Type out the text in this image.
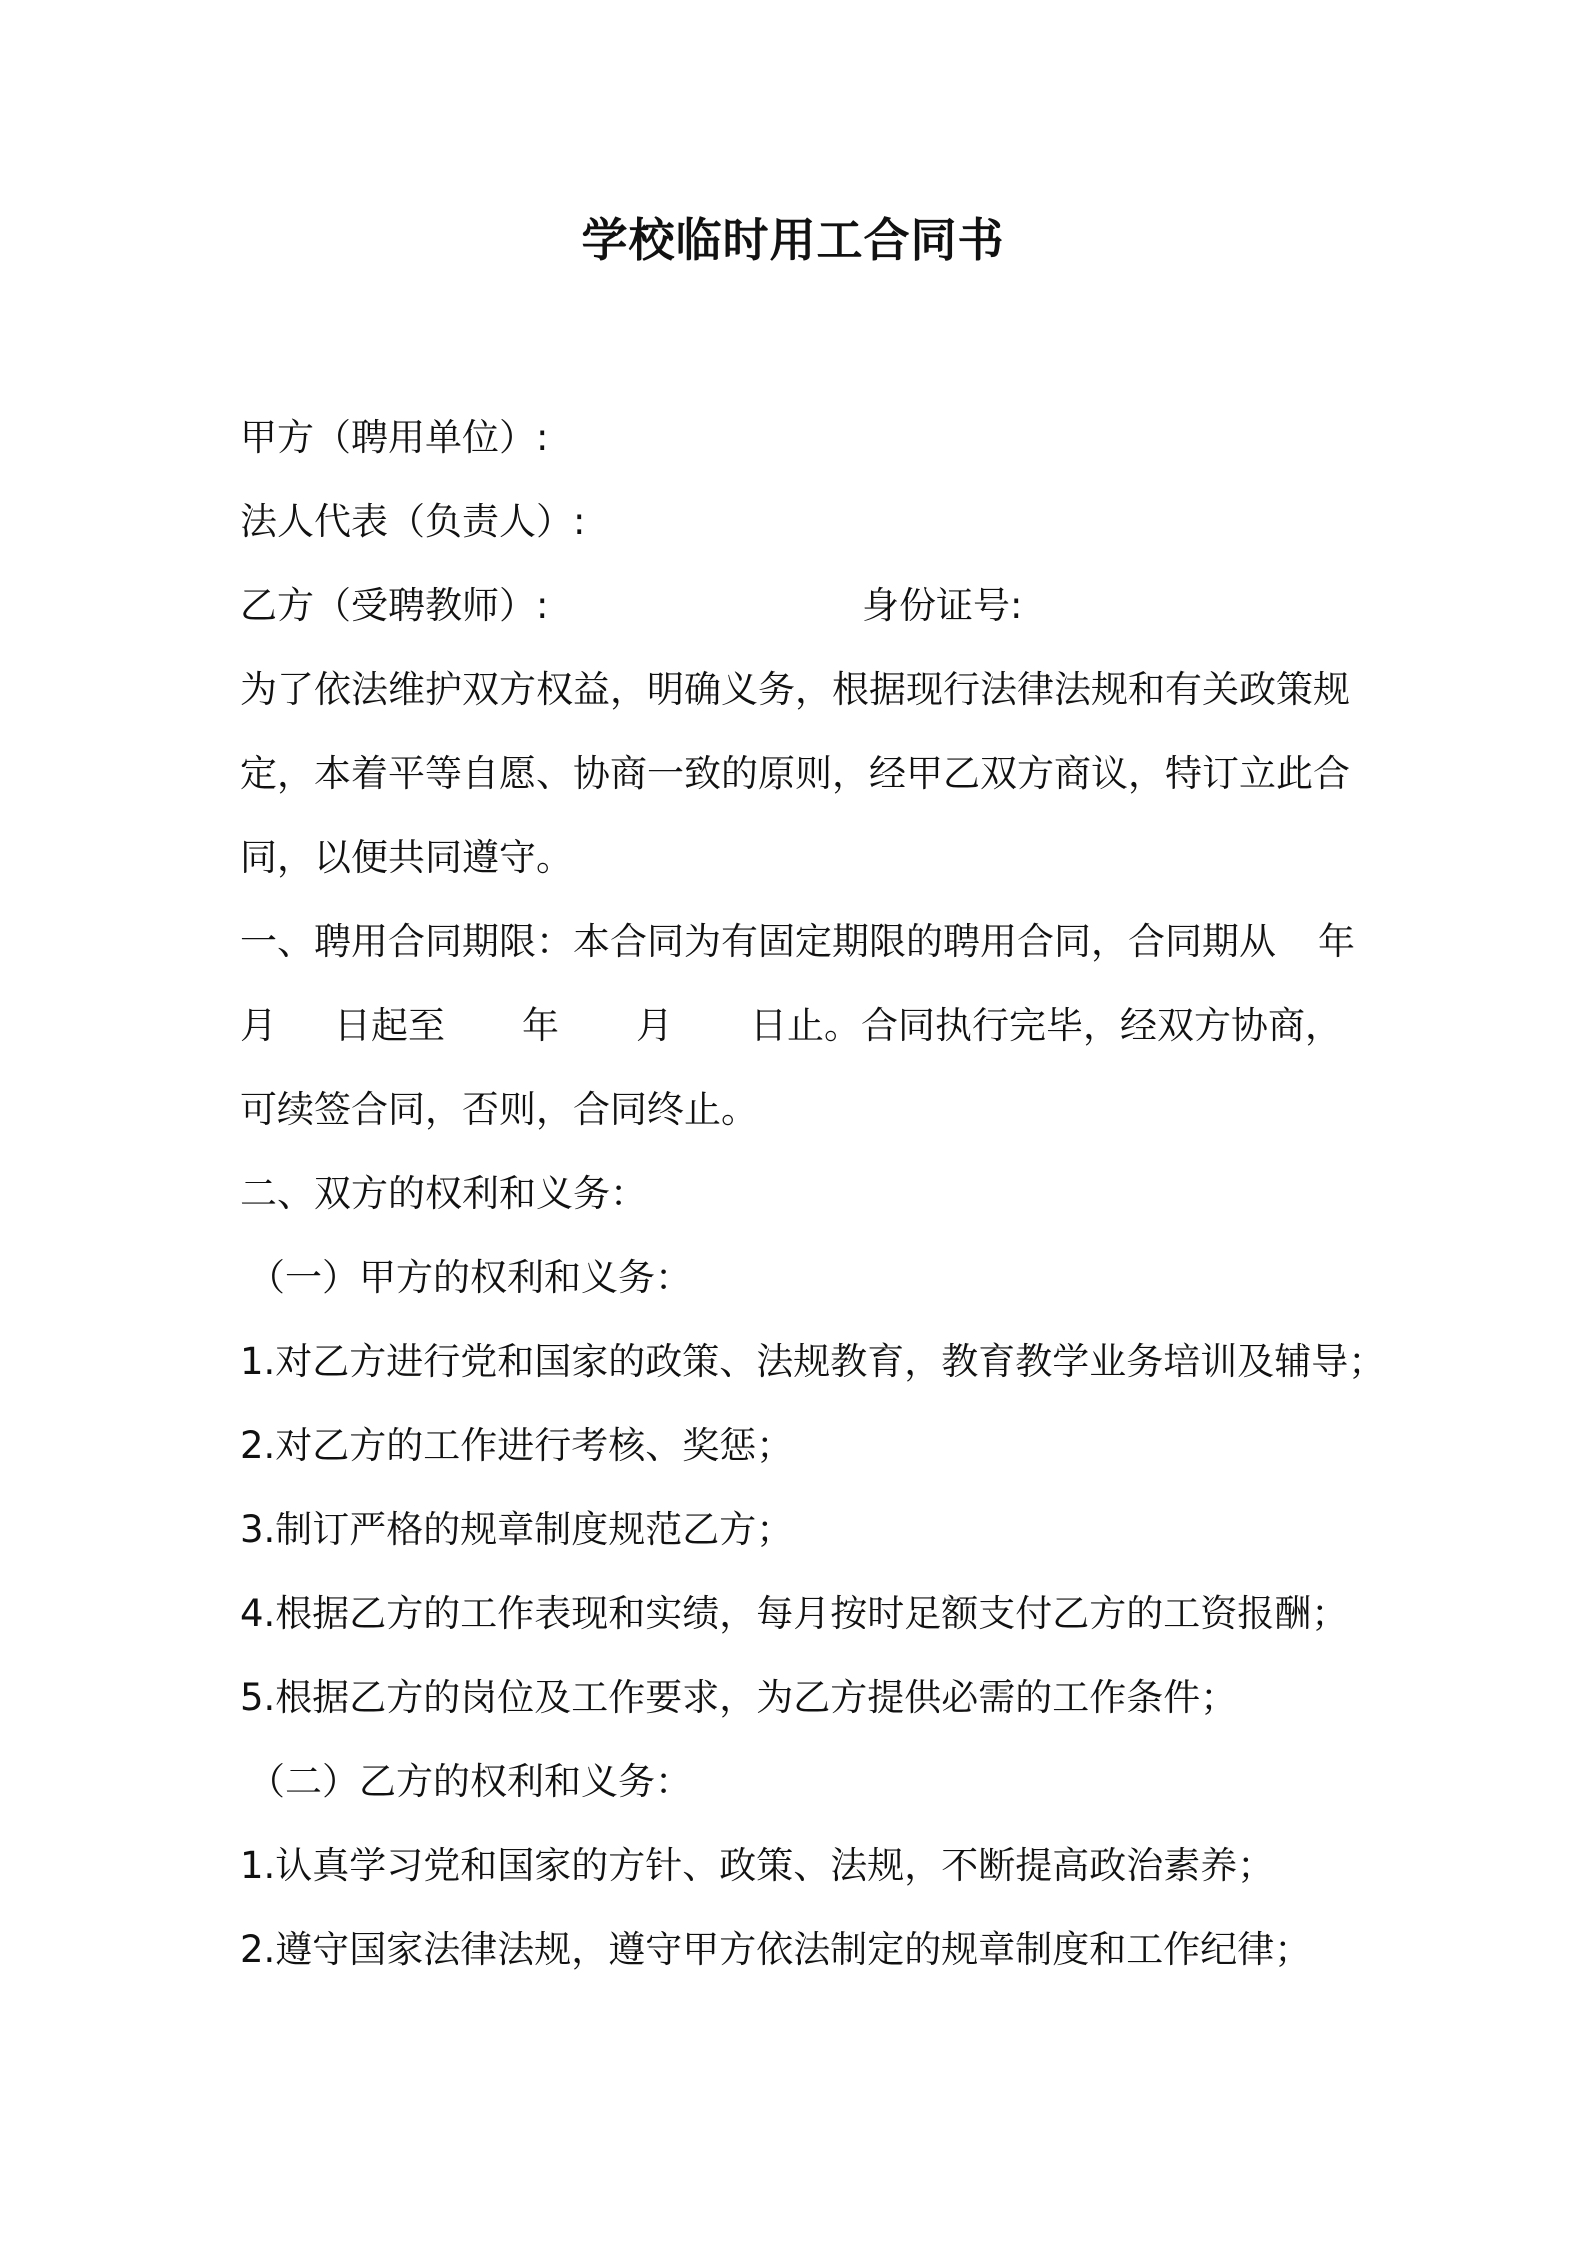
学校临时用工合同书
甲方（聘用单位）:
法人代表（负责人）:
乙方（受聘教师）:	身份证号:
为了依法维护双方权益，明确义务，根据现行法律法规和有关政策规
定，本着平等自愿、协商一致的原则，经甲乙双方商议，特订立此合
同，以便共同遵守。
一、聘用合同期限：本合同为有固定期限的聘用合同，合同期从 年
月 日起至 年 月 日止。合同执行完毕，经双方协商，
可续签合同，否则，合同终止。
二、双方的权利和义务：
（一）甲方的权利和义务：
1.对乙方进行党和国家的政策、法规教育，教育教学业务培训及辅导；
2.对乙方的工作进行考核、奖惩；
3.制订严格的规章制度规范乙方；
4.根据乙方的工作表现和实绩，每月按时足额支付乙方的工资报酬；
5.根据乙方的岗位及工作要求，为乙方提供必需的工作条件；
（二）乙方的权利和义务：
1.认真学习党和国家的方针、政策、法规，不断提高政治素养；
2.遵守国家法律法规，遵守甲方依法制定的规章制度和工作纪律；
